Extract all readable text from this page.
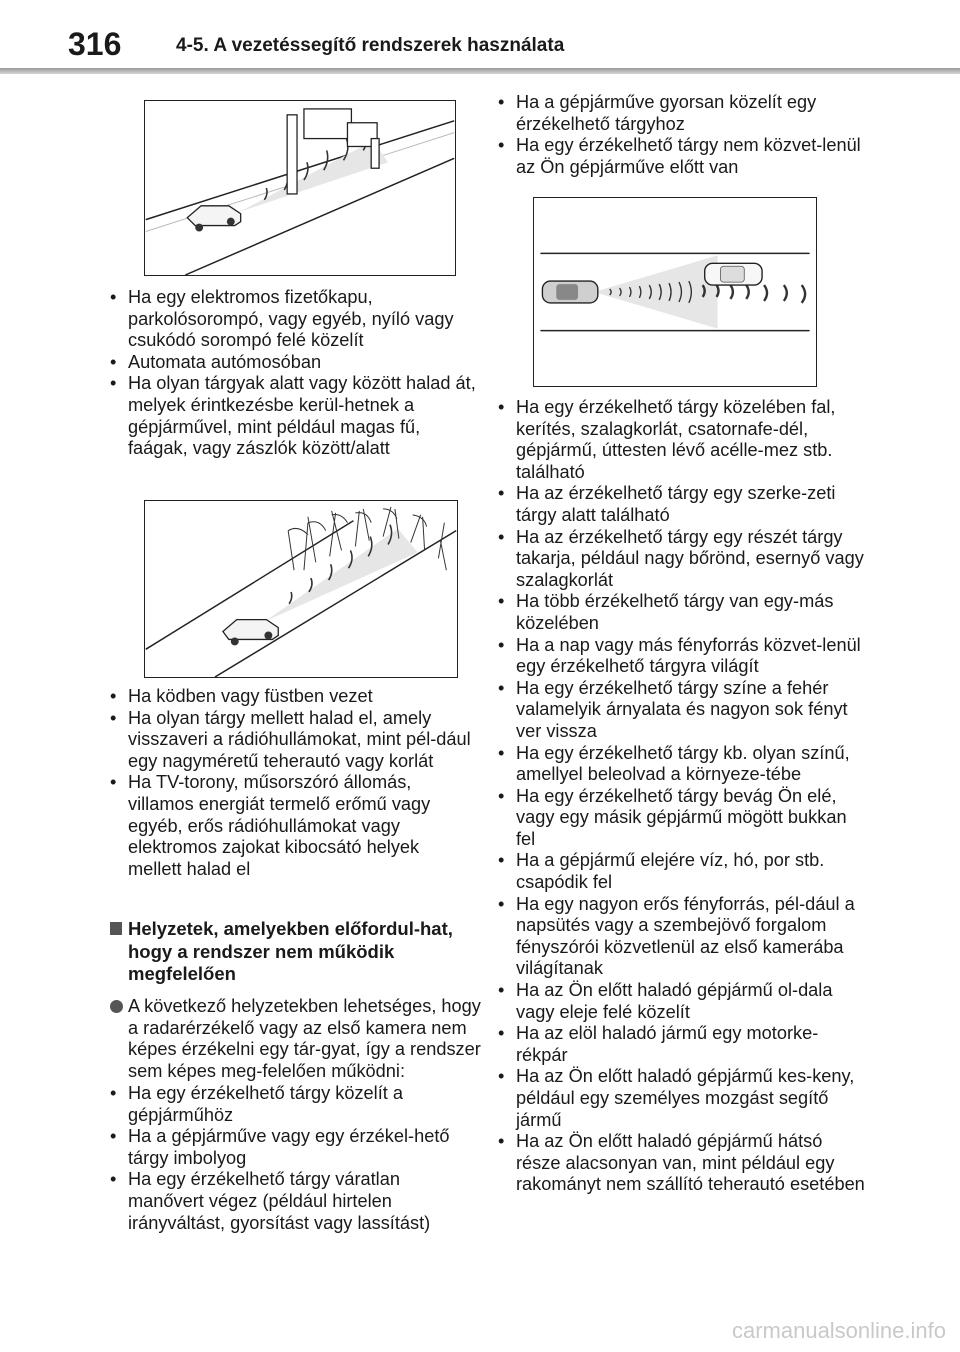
316	4-5. A vezetéssegítő rendszerek használata
• Ha egy elektromos fizetőkapu, parkolósorompó, vagy egyéb, nyíló vagy csukódó sorompó felé közelít
• Automata autómosóban
• Ha olyan tárgyak alatt vagy között halad át, melyek érintkezésbe kerül-hetnek a gépjárművel, mint például magas fű, faágak, vagy zászlók között/alatt
• Ha ködben vagy füstben vezet
• Ha olyan tárgy mellett halad el, amely visszaveri a rádióhullámokat, mint pél-dául egy nagyméretű teherautó vagy korlát
• Ha TV-torony, műsorszóró állomás, villamos energiát termelő erőmű vagy egyéb, erős rádióhullámokat vagy elektromos zajokat kibocsátó helyek mellett halad el
Helyzetek, amelyekben előfordul-hat, hogy a rendszer nem működik megfelelően
A következő helyzetekben lehetséges, hogy a radarérzékelő vagy az első kamera nem képes érzékelni egy tár-gyat, így a rendszer sem képes meg-felelően működni:
• Ha egy érzékelhető tárgy közelít a gépjárműhöz
• Ha a gépjárműve vagy egy érzékel-hető tárgy imbolyog
• Ha egy érzékelhető tárgy váratlan manővert végez (például hirtelen irányváltást, gyorsítást vagy lassítást)
• Ha a gépjárműve gyorsan közelít egy érzékelhető tárgyhoz
• Ha egy érzékelhető tárgy nem közvet-lenül az Ön gépjárműve előtt van
• Ha egy érzékelhető tárgy közelében fal, kerítés, szalagkorlát, csatornafe-dél, gépjármű, úttesten lévő acélle-mez stb. található
• Ha az érzékelhető tárgy egy szerke-zeti tárgy alatt található
• Ha az érzékelhető tárgy egy részét tárgy takarja, például nagy bőrönd, esernyő vagy szalagkorlát
• Ha több érzékelhető tárgy van egy-más közelében
• Ha a nap vagy más fényforrás közvet-lenül egy érzékelhető tárgyra világít
• Ha egy érzékelhető tárgy színe a fehér valamelyik árnyalata és nagyon sok fényt ver vissza
• Ha egy érzékelhető tárgy kb. olyan színű, amellyel beleolvad a környeze-tébe
• Ha egy érzékelhető tárgy bevág Ön elé, vagy egy másik gépjármű mögött bukkan fel
• Ha a gépjármű elejére víz, hó, por stb. csapódik fel
• Ha egy nagyon erős fényforrás, pél-dául a napsütés vagy a szembejövő forgalom fényszórói közvetlenül az első kamerába világítanak
• Ha az Ön előtt haladó gépjármű ol-dala vagy eleje felé közelít
• Ha az elöl haladó jármű egy motorke-rékpár
• Ha az Ön előtt haladó gépjármű kes-keny, például egy személyes mozgást segítő jármű
• Ha az Ön előtt haladó gépjármű hátsó része alacsonyan van, mint például egy rakományt nem szállító teherautó esetében
carmanualsonline.info
